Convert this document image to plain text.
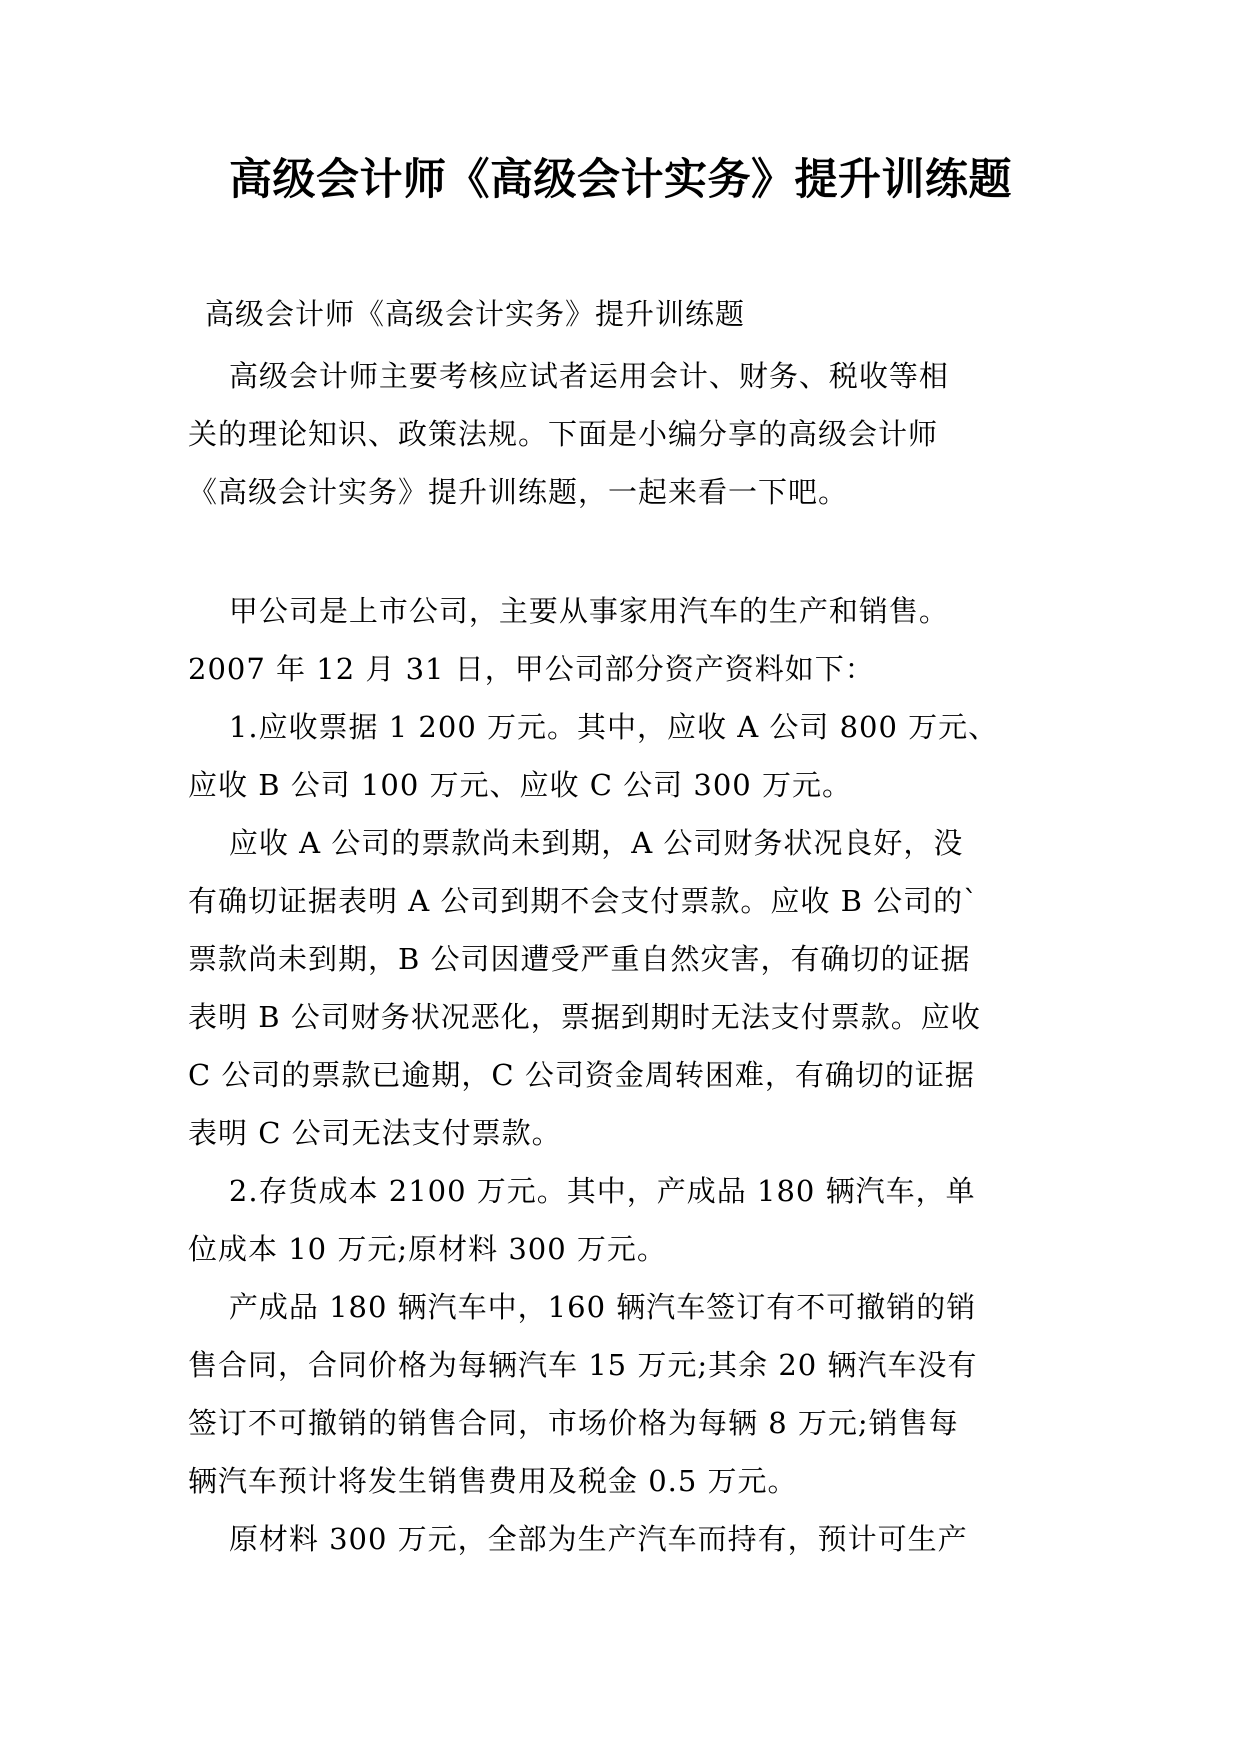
高级会计师《高级会计实务》提升训练题
高级会计师《高级会计实务》提升训练题
高级会计师主要考核应试者运用会计、财务、税收等相
关的理论知识、政策法规。下面是小编分享的高级会计师
《高级会计实务》提升训练题，一起来看一下吧。
甲公司是上市公司，主要从事家用汽车的生产和销售。
2007 年 12 月 31 日，甲公司部分资产资料如下：
1.应收票据 1 200 万元。其中，应收 A 公司 800 万元、
应收 B 公司 100 万元、应收 C 公司 300 万元。
应收 A 公司的票款尚未到期，A 公司财务状况良好，没
有确切证据表明 A 公司到期不会支付票款。应收 B 公司的`
票款尚未到期，B 公司因遭受严重自然灾害，有确切的证据
表明 B 公司财务状况恶化，票据到期时无法支付票款。应收
C 公司的票款已逾期，C 公司资金周转困难，有确切的证据
表明 C 公司无法支付票款。
2.存货成本 2100 万元。其中，产成品 180 辆汽车，单
位成本 10 万元;原材料 300 万元。
产成品 180 辆汽车中，160 辆汽车签订有不可撤销的销
售合同，合同价格为每辆汽车 15 万元;其余 20 辆汽车没有
签订不可撤销的销售合同，市场价格为每辆 8 万元;销售每
辆汽车预计将发生销售费用及税金 0.5 万元。
原材料 300 万元，全部为生产汽车而持有，预计可生产
